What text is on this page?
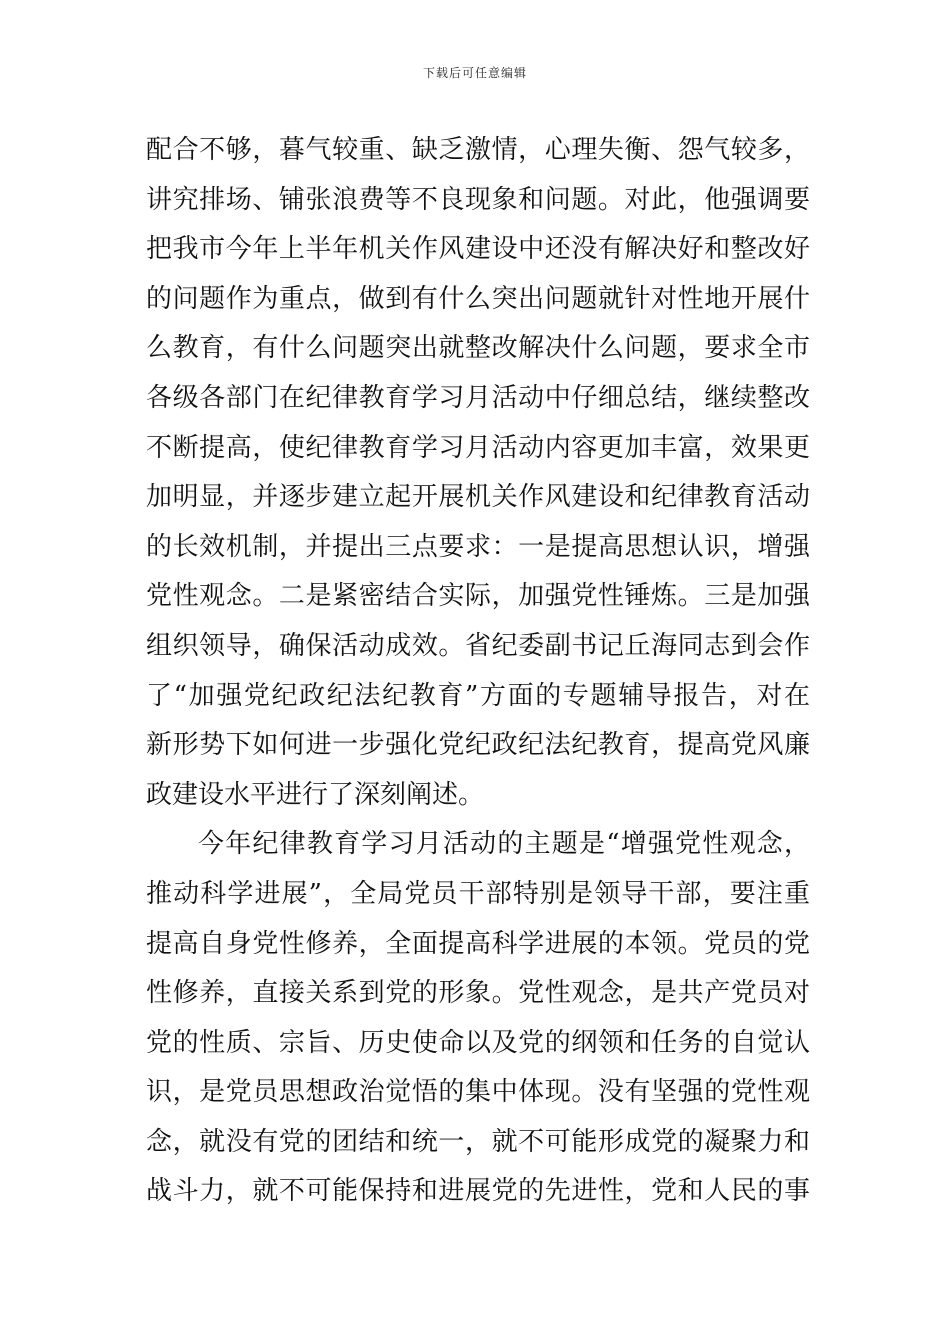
下载后可任意编辑
配合不够，暮气较重、缺乏激情，心理失衡、怨气较多，
讲究排场、铺张浪费等不良现象和问题。对此，他强调要
把我市今年上半年机关作风建设中还没有解决好和整改好
的问题作为重点，做到有什么突出问题就针对性地开展什
么教育，有什么问题突出就整改解决什么问题，要求全市
各级各部门在纪律教育学习月活动中仔细总结，继续整改
不断提高，使纪律教育学习月活动内容更加丰富，效果更
加明显，并逐步建立起开展机关作风建设和纪律教育活动
的长效机制，并提出三点要求：一是提高思想认识，增强
党性观念。二是紧密结合实际，加强党性锤炼。三是加强
组织领导，确保活动成效。省纪委副书记丘海同志到会作
了“加强党纪政纪法纪教育”方面的专题辅导报告，对在
新形势下如何进一步强化党纪政纪法纪教育，提高党风廉
政建设水平进行了深刻阐述。
今年纪律教育学习月活动的主题是“增强党性观念，
推动科学进展”，全局党员干部特别是领导干部，要注重
提高自身党性修养，全面提高科学进展的本领。党员的党
性修养，直接关系到党的形象。党性观念，是共产党员对
党的性质、宗旨、历史使命以及党的纲领和任务的自觉认
识，是党员思想政治觉悟的集中体现。没有坚强的党性观
念，就没有党的团结和统一，就不可能形成党的凝聚力和
战斗力，就不可能保持和进展党的先进性，党和人民的事
